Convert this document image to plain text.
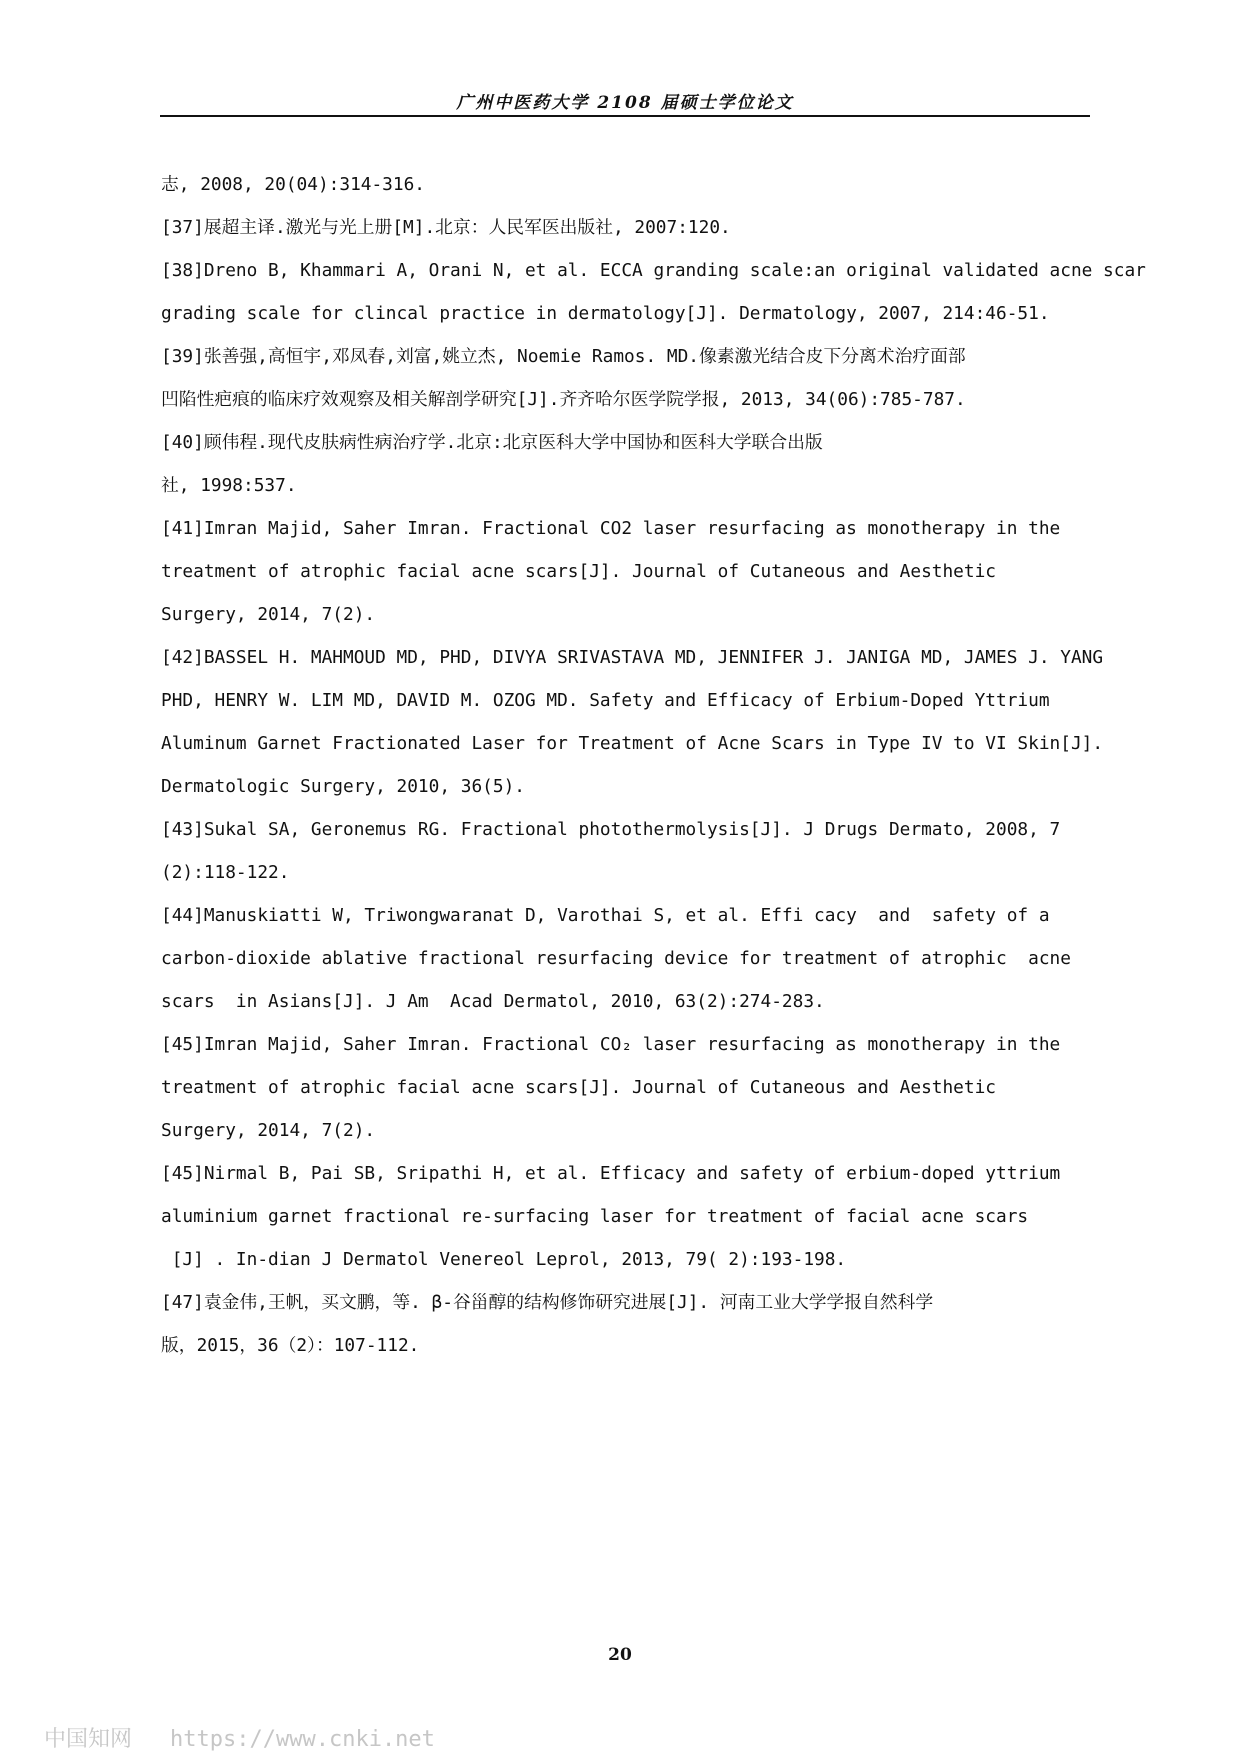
广州中医药大学 2108 届硕士学位论文
志, 2008, 20(04):314-316.
[37]展超主译.激光与光上册[M].北京：人民军医出版社, 2007:120.
[38]Dreno B, Khammari A, Orani N, et al. ECCA granding scale:an original validated acne scar
grading scale for clincal practice in dermatology[J]. Dermatology, 2007, 214:46-51.
[39]张善强,高恒宇,邓凤春,刘富,姚立杰, Noemie Ramos. MD.像素激光结合皮下分离术治疗面部
凹陷性疤痕的临床疗效观察及相关解剖学研究[J].齐齐哈尔医学院学报, 2013, 34(06):785-787.
[40]顾伟程.现代皮肤病性病治疗学.北京:北京医科大学中国协和医科大学联合出版
社, 1998:537.
[41]Imran Majid, Saher Imran. Fractional CO2 laser resurfacing as monotherapy in the
treatment of atrophic facial acne scars[J]. Journal of Cutaneous and Aesthetic
Surgery, 2014, 7(2).
[42]BASSEL H. MAHMOUD MD, PHD, DIVYA SRIVASTAVA MD, JENNIFER J. JANIGA MD, JAMES J. YANG
PHD, HENRY W. LIM MD, DAVID M. OZOG MD. Safety and Efficacy of Erbium-Doped Yttrium
Aluminum Garnet Fractionated Laser for Treatment of Acne Scars in Type IV to VI Skin[J].
Dermatologic Surgery, 2010, 36(5).
[43]Sukal SA, Geronemus RG. Fractional photothermolysis[J]. J Drugs Dermato, 2008, 7
(2):118-122.
[44]Manuskiatti W, Triwongwaranat D, Varothai S, et al. Effi cacy  and  safety of a
carbon-dioxide ablative fractional resurfacing device for treatment of atrophic  acne
scars  in Asians[J]. J Am  Acad Dermatol, 2010, 63(2):274-283.
[45]Imran Majid, Saher Imran. Fractional CO₂ laser resurfacing as monotherapy in the
treatment of atrophic facial acne scars[J]. Journal of Cutaneous and Aesthetic
Surgery, 2014, 7(2).
[45]Nirmal B, Pai SB, Sripathi H, et al. Efficacy and safety of erbium-doped yttrium
aluminium garnet fractional re-surfacing laser for treatment of facial acne scars
[J] . In-dian J Dermatol Venereol Leprol, 2013, 79( 2):193-198.
[47]袁金伟,王帆，买文鹏，等. β-谷甾醇的结构修饰研究进展[J]. 河南工业大学学报自然科学
版，2015，36（2）：107-112.
20
中国知网 https://www.cnki.net
